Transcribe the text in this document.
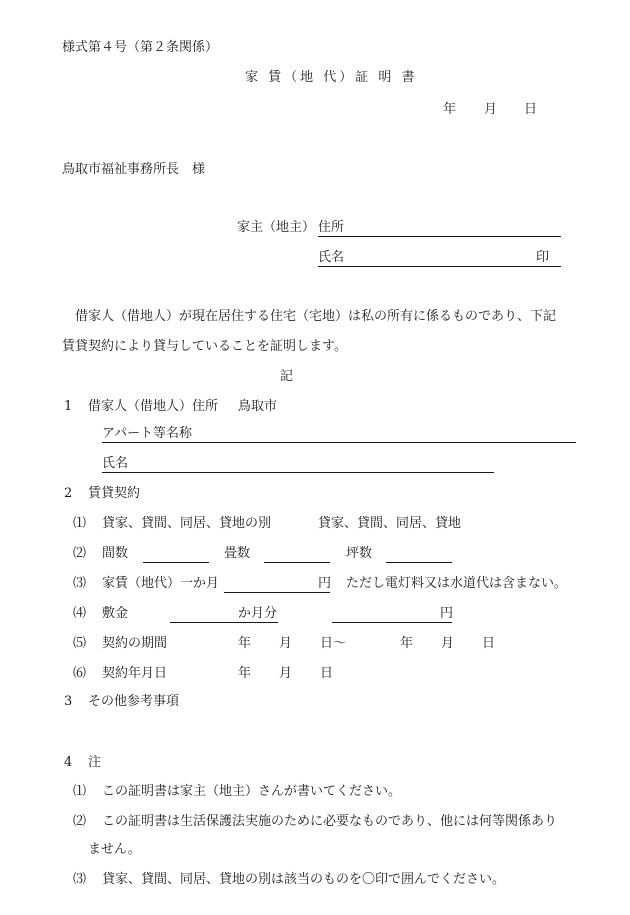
様式第４号（第２条関係）
家 賃（地 代）証 明 書
年 月 日
鳥取市福祉事務所長　様
家主（地主） 住所
氏名	印
借家人（借地人）が現在居住する住宅（宅地）は私の所有に係るものであり、下記
賃貸契約により貸与していることを証明します。
記
1 借家人（借地人）住所 鳥取市
アパート等名称
氏名
2 賃貸契約
⑴ 貸家、貸間、同居、貸地の別	貸家、貸間、同居、貸地
⑵ 間数	畳数	坪数
⑶ 家賃（地代）一か月	円 ただし電灯料又は水道代は含まない。
⑷ 敷金	か月分	円
⑸ 契約の期間	年 月 日～	年 月 日
⑹ 契約年月日	年 月 日
3 その他参考事項
4 注
⑴ この証明書は家主（地主）さんが書いてください。
⑵ この証明書は生活保護法実施のために必要なものであり、他には何等関係あり
ません。
⑶ 貸家、貸間、同居、貸地の別は該当のものを〇印で囲んでください。
